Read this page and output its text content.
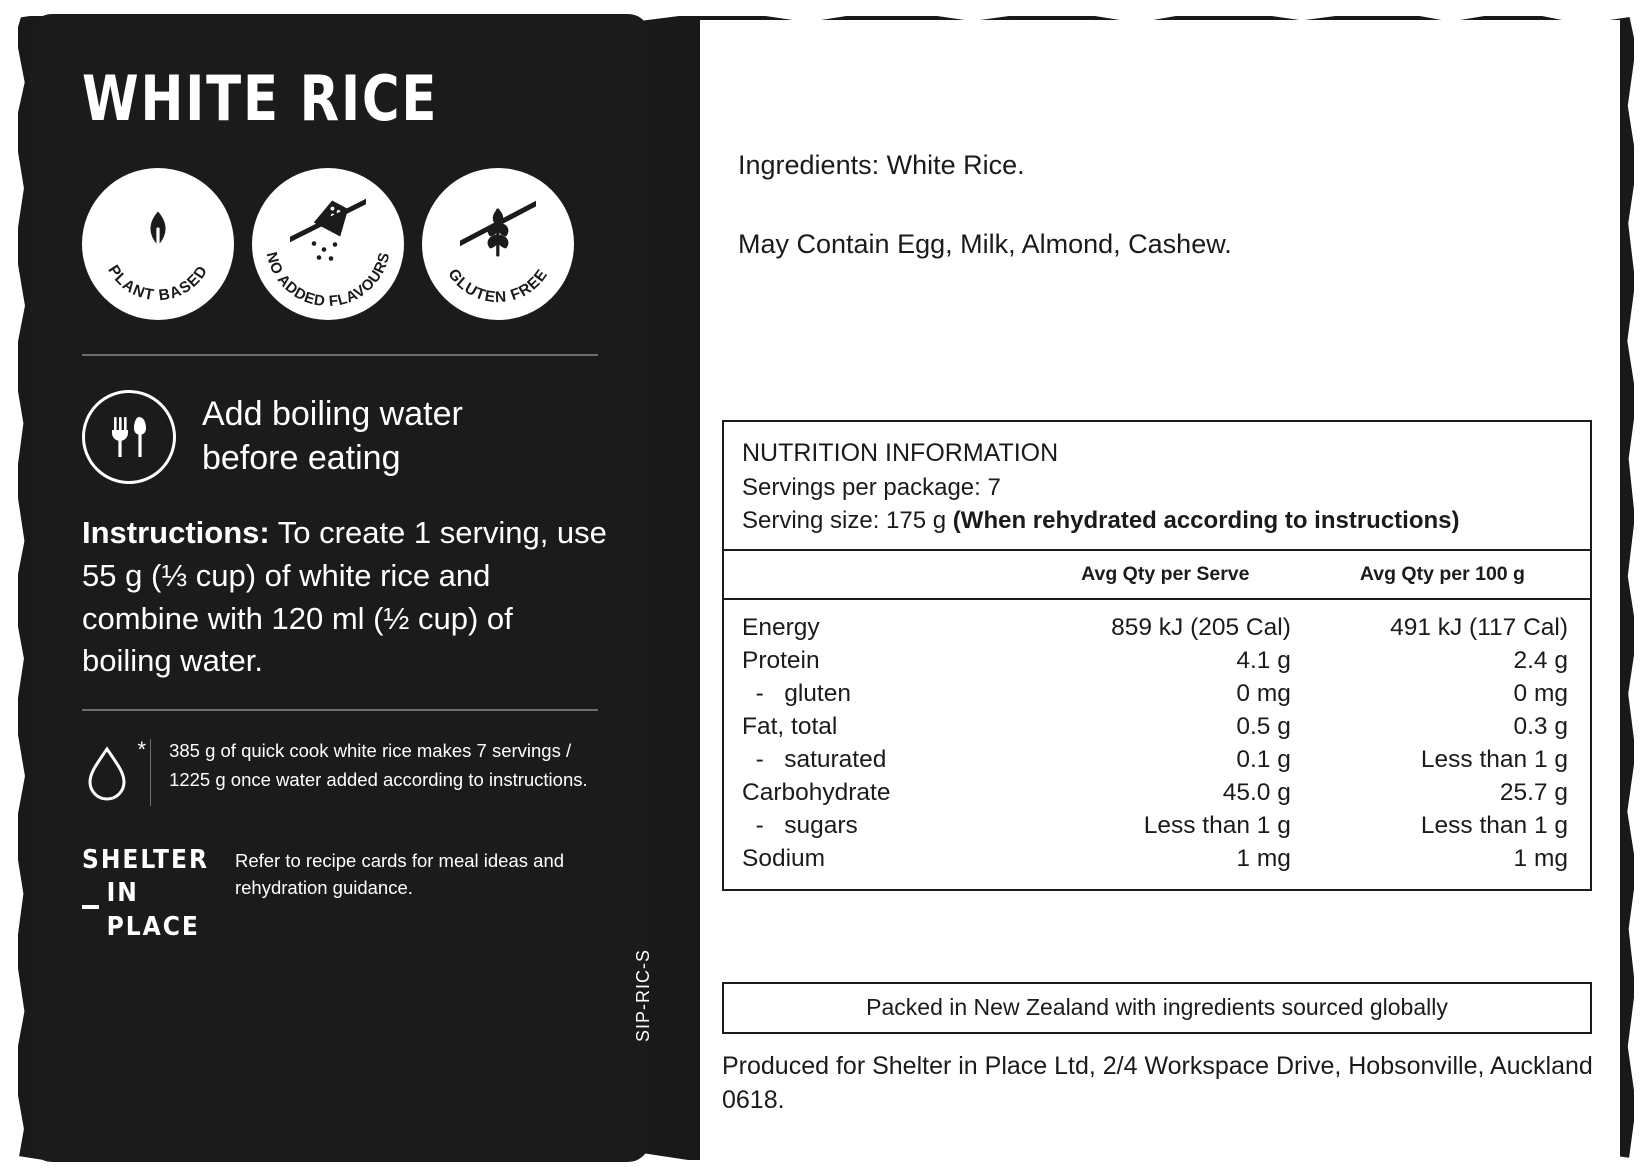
WHITE RICE
PLANT BASED
NO ADDED FLAVOURS
GLUTEN FREE
Add boiling water
before eating
Instructions: To create 1 serving, use 55 g (⅓ cup) of white rice and combine with 120 ml (½ cup) of boiling water.
* 385 g of quick cook white rice makes 7 servings / 1225 g once water added according to instructions.
SHELTER
IN PLACE
Refer to recipe cards for meal ideas and rehydration guidance.
SIP-RIC-S
Ingredients: White Rice.
May Contain Egg, Milk, Almond, Cashew.
NUTRITION INFORMATION
Servings per package: 7
Serving size: 175 g (When rehydrated according to instructions)
	Avg Qty per Serve	Avg Qty per 100 g
Energy	859 kJ (205 Cal)	491 kJ (117 Cal)
Protein	4.1 g	2.4 g
-   gluten	0 mg	0 mg
Fat, total	0.5 g	0.3 g
-   saturated	0.1 g	Less than 1 g
Carbohydrate	45.0 g	25.7 g
-   sugars	Less than 1 g	Less than 1 g
Sodium	1 mg	1 mg
Packed in New Zealand with ingredients sourced globally
Produced for Shelter in Place Ltd, 2/4 Workspace Drive, Hobsonville, Auckland 0618.
